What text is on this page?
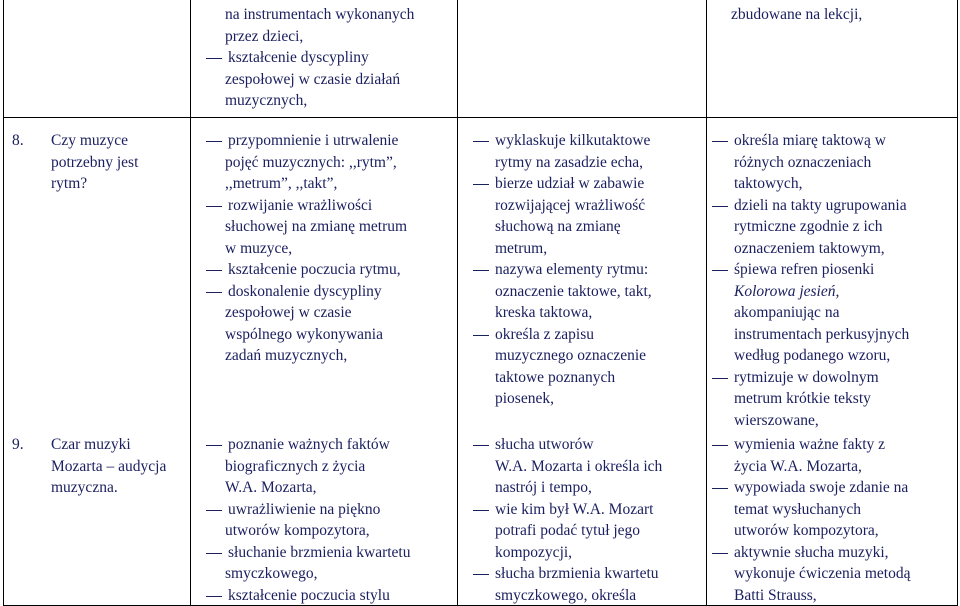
na instrumentach wykonanych
przez dzieci,
kształcenie dyscypliny
zespołowej w czasie działań
muzycznych,
zbudowane na lekcji,
8. Czy muzyce
potrzebny jest
rytm?
przypomnienie i utrwalenie
pojęć muzycznych: ,,rytm”,
,,metrum”, ,,takt”,
rozwijanie wrażliwości
słuchowej na zmianę metrum
w muzyce,
kształcenie poczucia rytmu,
doskonalenie dyscypliny
zespołowej w czasie
wspólnego wykonywania
zadań muzycznych,
wyklaskuje kilkutaktowe
rytmy na zasadzie echa,
bierze udział w zabawie
rozwijającej wrażliwość
słuchową na zmianę
metrum,
nazywa elementy rytmu:
oznaczenie taktowe, takt,
kreska taktowa,
określa z zapisu
muzycznego oznaczenie
taktowe poznanych
piosenek,
określa miarę taktową w
różnych oznaczeniach
taktowych,
dzieli na takty ugrupowania
rytmiczne zgodnie z ich
oznaczeniem taktowym,
śpiewa refren piosenki
Kolorowa jesień,
akompaniując na
instrumentach perkusyjnych
według podanego wzoru,
rytmizuje w dowolnym
metrum krótkie teksty
wierszowane,
9. Czar muzyki
Mozarta – audycja
muzyczna.
poznanie ważnych faktów
biograficznych z życia
W.A. Mozarta,
uwrażliwienie na piękno
utworów kompozytora,
słuchanie brzmienia kwartetu
smyczkowego,
kształcenie poczucia stylu
słucha utworów
W.A. Mozarta i określa ich
nastrój i tempo,
wie kim był W.A. Mozart
potrafi podać tytuł jego
kompozycji,
słucha brzmienia kwartetu
smyczkowego, określa
wymienia ważne fakty z
życia W.A. Mozarta,
wypowiada swoje zdanie na
temat wysłuchanych
utworów kompozytora,
aktywnie słucha muzyki,
wykonuje ćwiczenia metodą
Batti Strauss,
